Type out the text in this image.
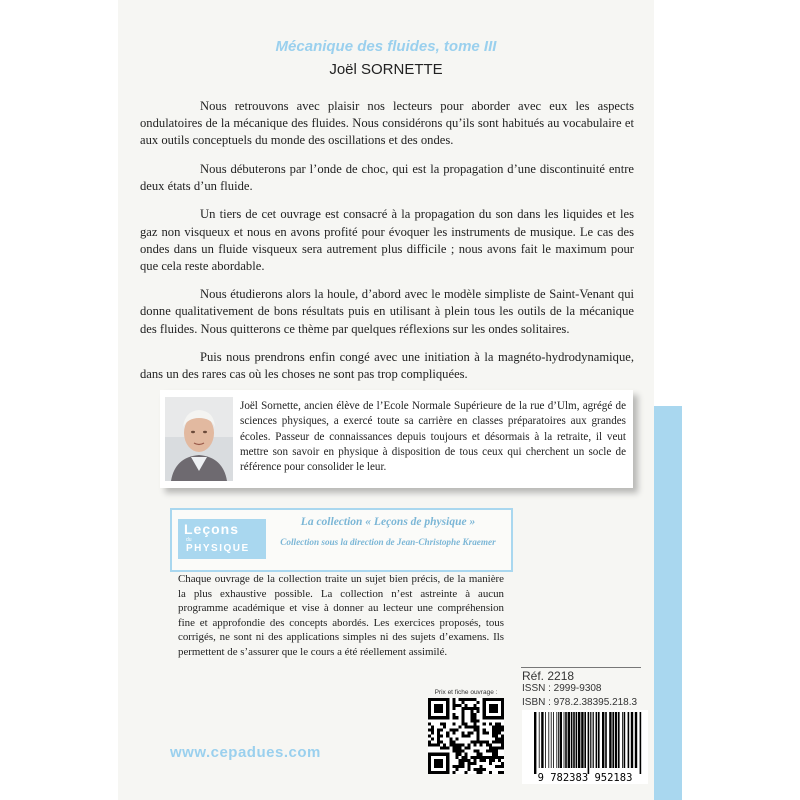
Mécanique des fluides, tome III
Joël SORNETTE

Nous retrouvons avec plaisir nos lecteurs pour aborder avec eux les aspects ondulatoires de la mécanique des fluides. Nous considérons qu’ils sont habitués au vocabulaire et aux outils conceptuels du monde des oscillations et des ondes.

Nous débuterons par l’onde de choc, qui est la propagation d’une discontinuité entre deux états d’un fluide.

Un tiers de cet ouvrage est consacré à la propagation du son dans les liquides et les gaz non visqueux et nous en avons profité pour évoquer les instruments de musique. Le cas des ondes dans un fluide visqueux sera autrement plus difficile ; nous avons fait le maximum pour que cela reste abordable.

Nous étudierons alors la houle, d’abord avec le modèle simpliste de Saint-Venant qui donne qualitativement de bons résultats puis en utilisant à plein tous les outils de la mécanique des fluides. Nous quitterons ce thème par quelques réflexions sur les ondes solitaires.

Puis nous prendrons enfin congé avec une initiation à la magnéto-hydrodynamique, dans un des rares cas où les choses ne sont pas trop compliquées.

Joël Sornette, ancien élève de l’Ecole Normale Supérieure de la rue d’Ulm, agrégé de sciences physiques, a exercé toute sa carrière en classes préparatoires aux grandes écoles. Passeur de connaissances depuis toujours et désormais à la retraite, il veut mettre son savoir en physique à disposition de tous ceux qui cherchent un socle de référence pour consolider le leur.
Leçons
du
PHYSIQUE
La collection « Leçons de physique »
Collection sous la direction de Jean-Christophe Kraemer
Chaque ouvrage de la collection traite un sujet bien précis, de la manière la plus exhaustive possible. La collection n’est astreinte à aucun programme académique et vise à donner au lecteur une compréhension fine et approfondie des concepts abordés. Les exercices proposés, tous corrigés, ne sont ni des applications simples ni des sujets d’examens. Ils permettent de s’assurer que le cours a été réellement assimilé.
Réf. 2218
ISSN : 2999-9308
ISBN : 978.2.38395.218.3
Prix et fiche ouvrage :
9 782383 952183
www.cepadues.com
